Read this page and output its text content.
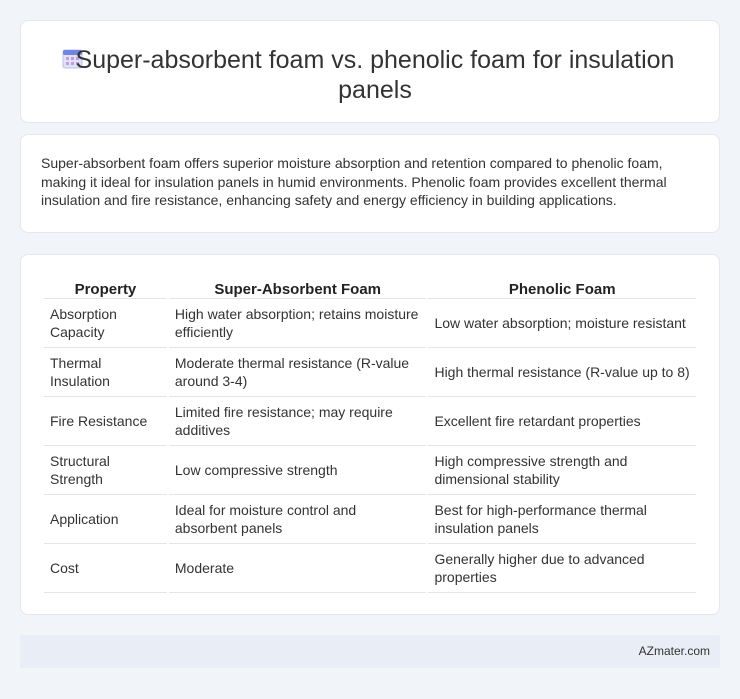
Super-absorbent foam vs. phenolic foam for insulation panels

Super-absorbent foam offers superior moisture absorption and retention compared to phenolic foam, making it ideal for insulation panels in humid environments. Phenolic foam provides excellent thermal insulation and fire resistance, enhancing safety and energy efficiency in building applications.

Property	Super-Absorbent Foam	Phenolic Foam
Absorption Capacity	High water absorption; retains moisture efficiently	Low water absorption; moisture resistant
Thermal Insulation	Moderate thermal resistance (R-value around 3-4)	High thermal resistance (R-value up to 8)
Fire Resistance	Limited fire resistance; may require additives	Excellent fire retardant properties
Structural Strength	Low compressive strength	High compressive strength and dimensional stability
Application	Ideal for moisture control and absorbent panels	Best for high-performance thermal insulation panels
Cost	Moderate	Generally higher due to advanced properties
AZmater.com
